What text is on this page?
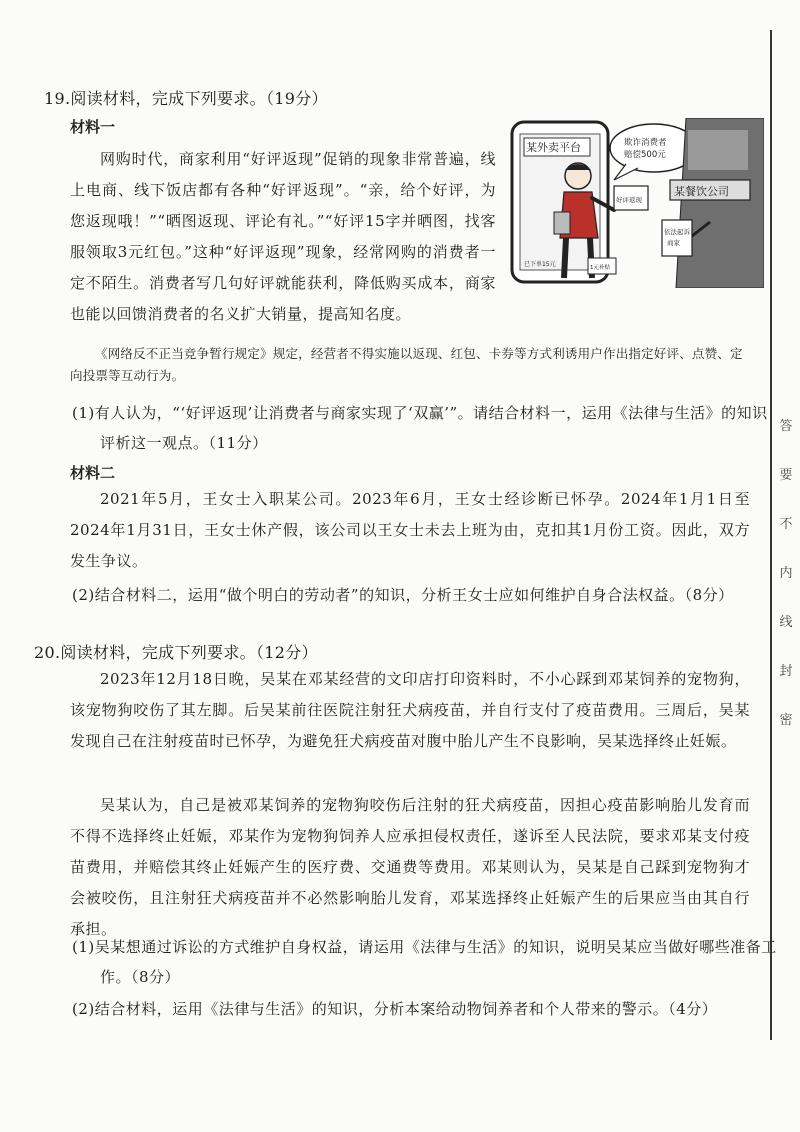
答
要
不
内
线
封
密

19.阅读材料，完成下列要求。（19分）

材料一

网购时代，商家利用“好评返现”促销的现象非常普遍，线上电商、线下饭店都有各种“好评返现”。“亲，给个好评，为您返现哦！”“晒图返现、评论有礼。”“好评15字并晒图，找客服领取3元红包。”这种“好评返现”现象，经常网购的消费者一定不陌生。消费者写几句好评就能获利，降低购买成本，商家也能以回馈消费者的名义扩大销量，提高知名度。

某外卖平台
已下单15元
欺诈消费者
赔偿500元
好评返现
1元补贴
某餐饮公司
依法起诉
商家

《网络反不正当竞争暂行规定》规定，经营者不得实施以返现、红包、卡券等方式利诱用户作出指定好评、点赞、定向投票等互动行为。

(1)有人认为，“‘好评返现’让消费者与商家实现了‘双赢’”。请结合材料一，运用《法律与生活》的知识评析这一观点。（11分）

材料二

2021年5月，王女士入职某公司。2023年6月，王女士经诊断已怀孕。2024年1月1日至2024年1月31日，王女士休产假，该公司以王女士未去上班为由，克扣其1月份工资。因此，双方发生争议。

(2)结合材料二，运用“做个明白的劳动者”的知识，分析王女士应如何维护自身合法权益。（8分）

20.阅读材料，完成下列要求。（12分）

2023年12月18日晚，吴某在邓某经营的文印店打印资料时，不小心踩到邓某饲养的宠物狗，该宠物狗咬伤了其左脚。后吴某前往医院注射狂犬病疫苗，并自行支付了疫苗费用。三周后，吴某发现自己在注射疫苗时已怀孕，为避免狂犬病疫苗对腹中胎儿产生不良影响，吴某选择终止妊娠。

吴某认为，自己是被邓某饲养的宠物狗咬伤后注射的狂犬病疫苗，因担心疫苗影响胎儿发育而不得不选择终止妊娠，邓某作为宠物狗饲养人应承担侵权责任，遂诉至人民法院，要求邓某支付疫苗费用，并赔偿其终止妊娠产生的医疗费、交通费等费用。邓某则认为，吴某是自己踩到宠物狗才会被咬伤，且注射狂犬病疫苗并不必然影响胎儿发育，邓某选择终止妊娠产生的后果应当由其自行承担。

(1)吴某想通过诉讼的方式维护自身权益，请运用《法律与生活》的知识，说明吴某应当做好哪些准备工作。（8分）

(2)结合材料，运用《法律与生活》的知识，分析本案给动物饲养者和个人带来的警示。（4分）
